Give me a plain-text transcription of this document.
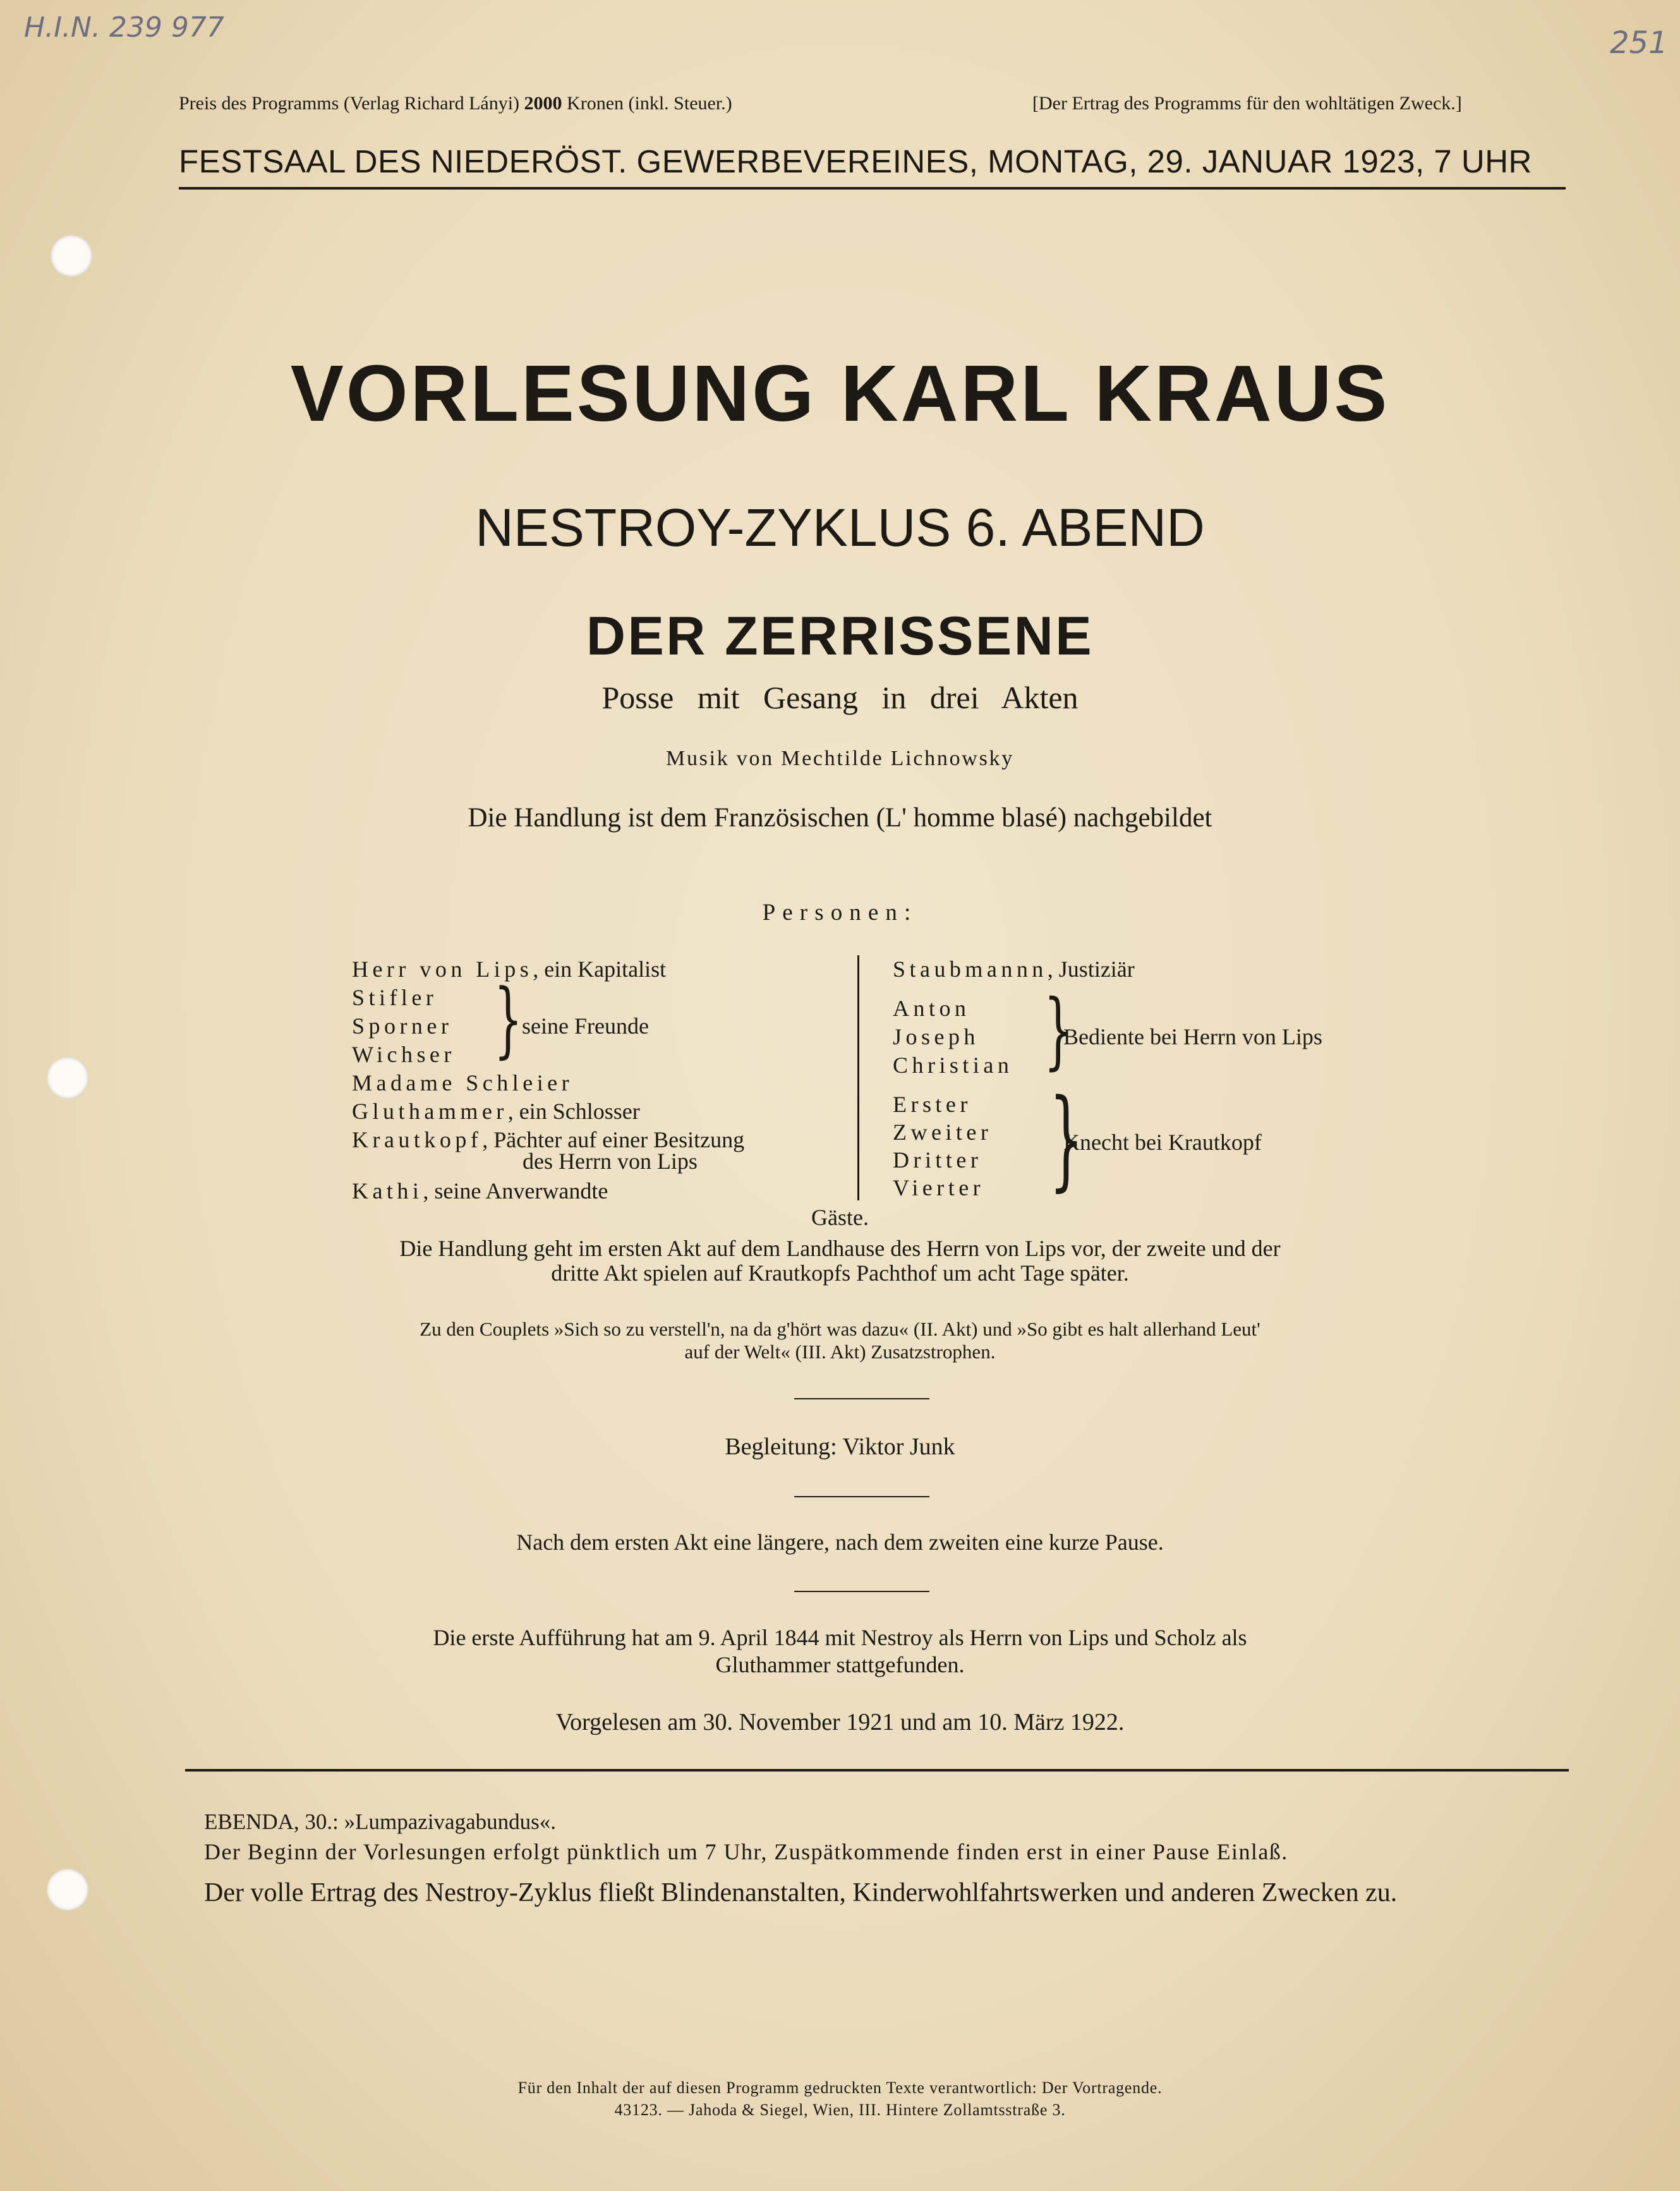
H.I.N. 239 977	251
Preis des Programms (Verlag Richard Lányi) 2000 Kronen (inkl. Steuer.)	[Der Ertrag des Programms für den wohltätigen Zweck.]
FESTSAAL DES NIEDERÖST. GEWERBEVEREINES, MONTAG, 29. JANUAR 1923, 7 UHR
VORLESUNG KARL KRAUS
NESTROY-ZYKLUS 6. ABEND
DER ZERRISSENE
Posse mit Gesang in drei Akten
Musik von Mechtilde Lichnowsky
Die Handlung ist dem Französischen (L' homme blasé) nachgebildet
Personen:
Herr von Lips, ein Kapitalist
Stifler
Sporner
Wichser }
seine Freunde
Madame Schleier
Gluthammer, ein Schlosser
Krautkopf, Pächter auf einer Besitzung
des Herrn von Lips
Kathi, seine Anverwandte
Staubmannn, Justiziär
Anton
Joseph
Christian }
Bediente bei Herrn von Lips
Erster
Zweiter
Dritter
Vierter }
Knecht bei Krautkopf
Gäste.
Die Handlung geht im ersten Akt auf dem Landhause des Herrn von Lips vor, der zweite und der
dritte Akt spielen auf Krautkopfs Pachthof um acht Tage später.
Zu den Couplets »Sich so zu verstell'n, na da g'hört was dazu« (II. Akt) und »So gibt es halt allerhand Leut'
auf der Welt« (III. Akt) Zusatzstrophen.
Begleitung: Viktor Junk
Nach dem ersten Akt eine längere, nach dem zweiten eine kurze Pause.
Die erste Aufführung hat am 9. April 1844 mit Nestroy als Herrn von Lips und Scholz als
Gluthammer stattgefunden.
Vorgelesen am 30. November 1921 und am 10. März 1922.
EBENDA, 30.: »Lumpazivagabundus«.
Der Beginn der Vorlesungen erfolgt pünktlich um 7 Uhr, Zuspätkommende finden erst in einer Pause Einlaß.
Der volle Ertrag des Nestroy-Zyklus fließt Blindenanstalten, Kinderwohlfahrtswerken und anderen Zwecken zu.
Für den Inhalt der auf diesen Programm gedruckten Texte verantwortlich: Der Vortragende.
43123. — Jahoda & Siegel, Wien, III. Hintere Zollamtsstraße 3.
